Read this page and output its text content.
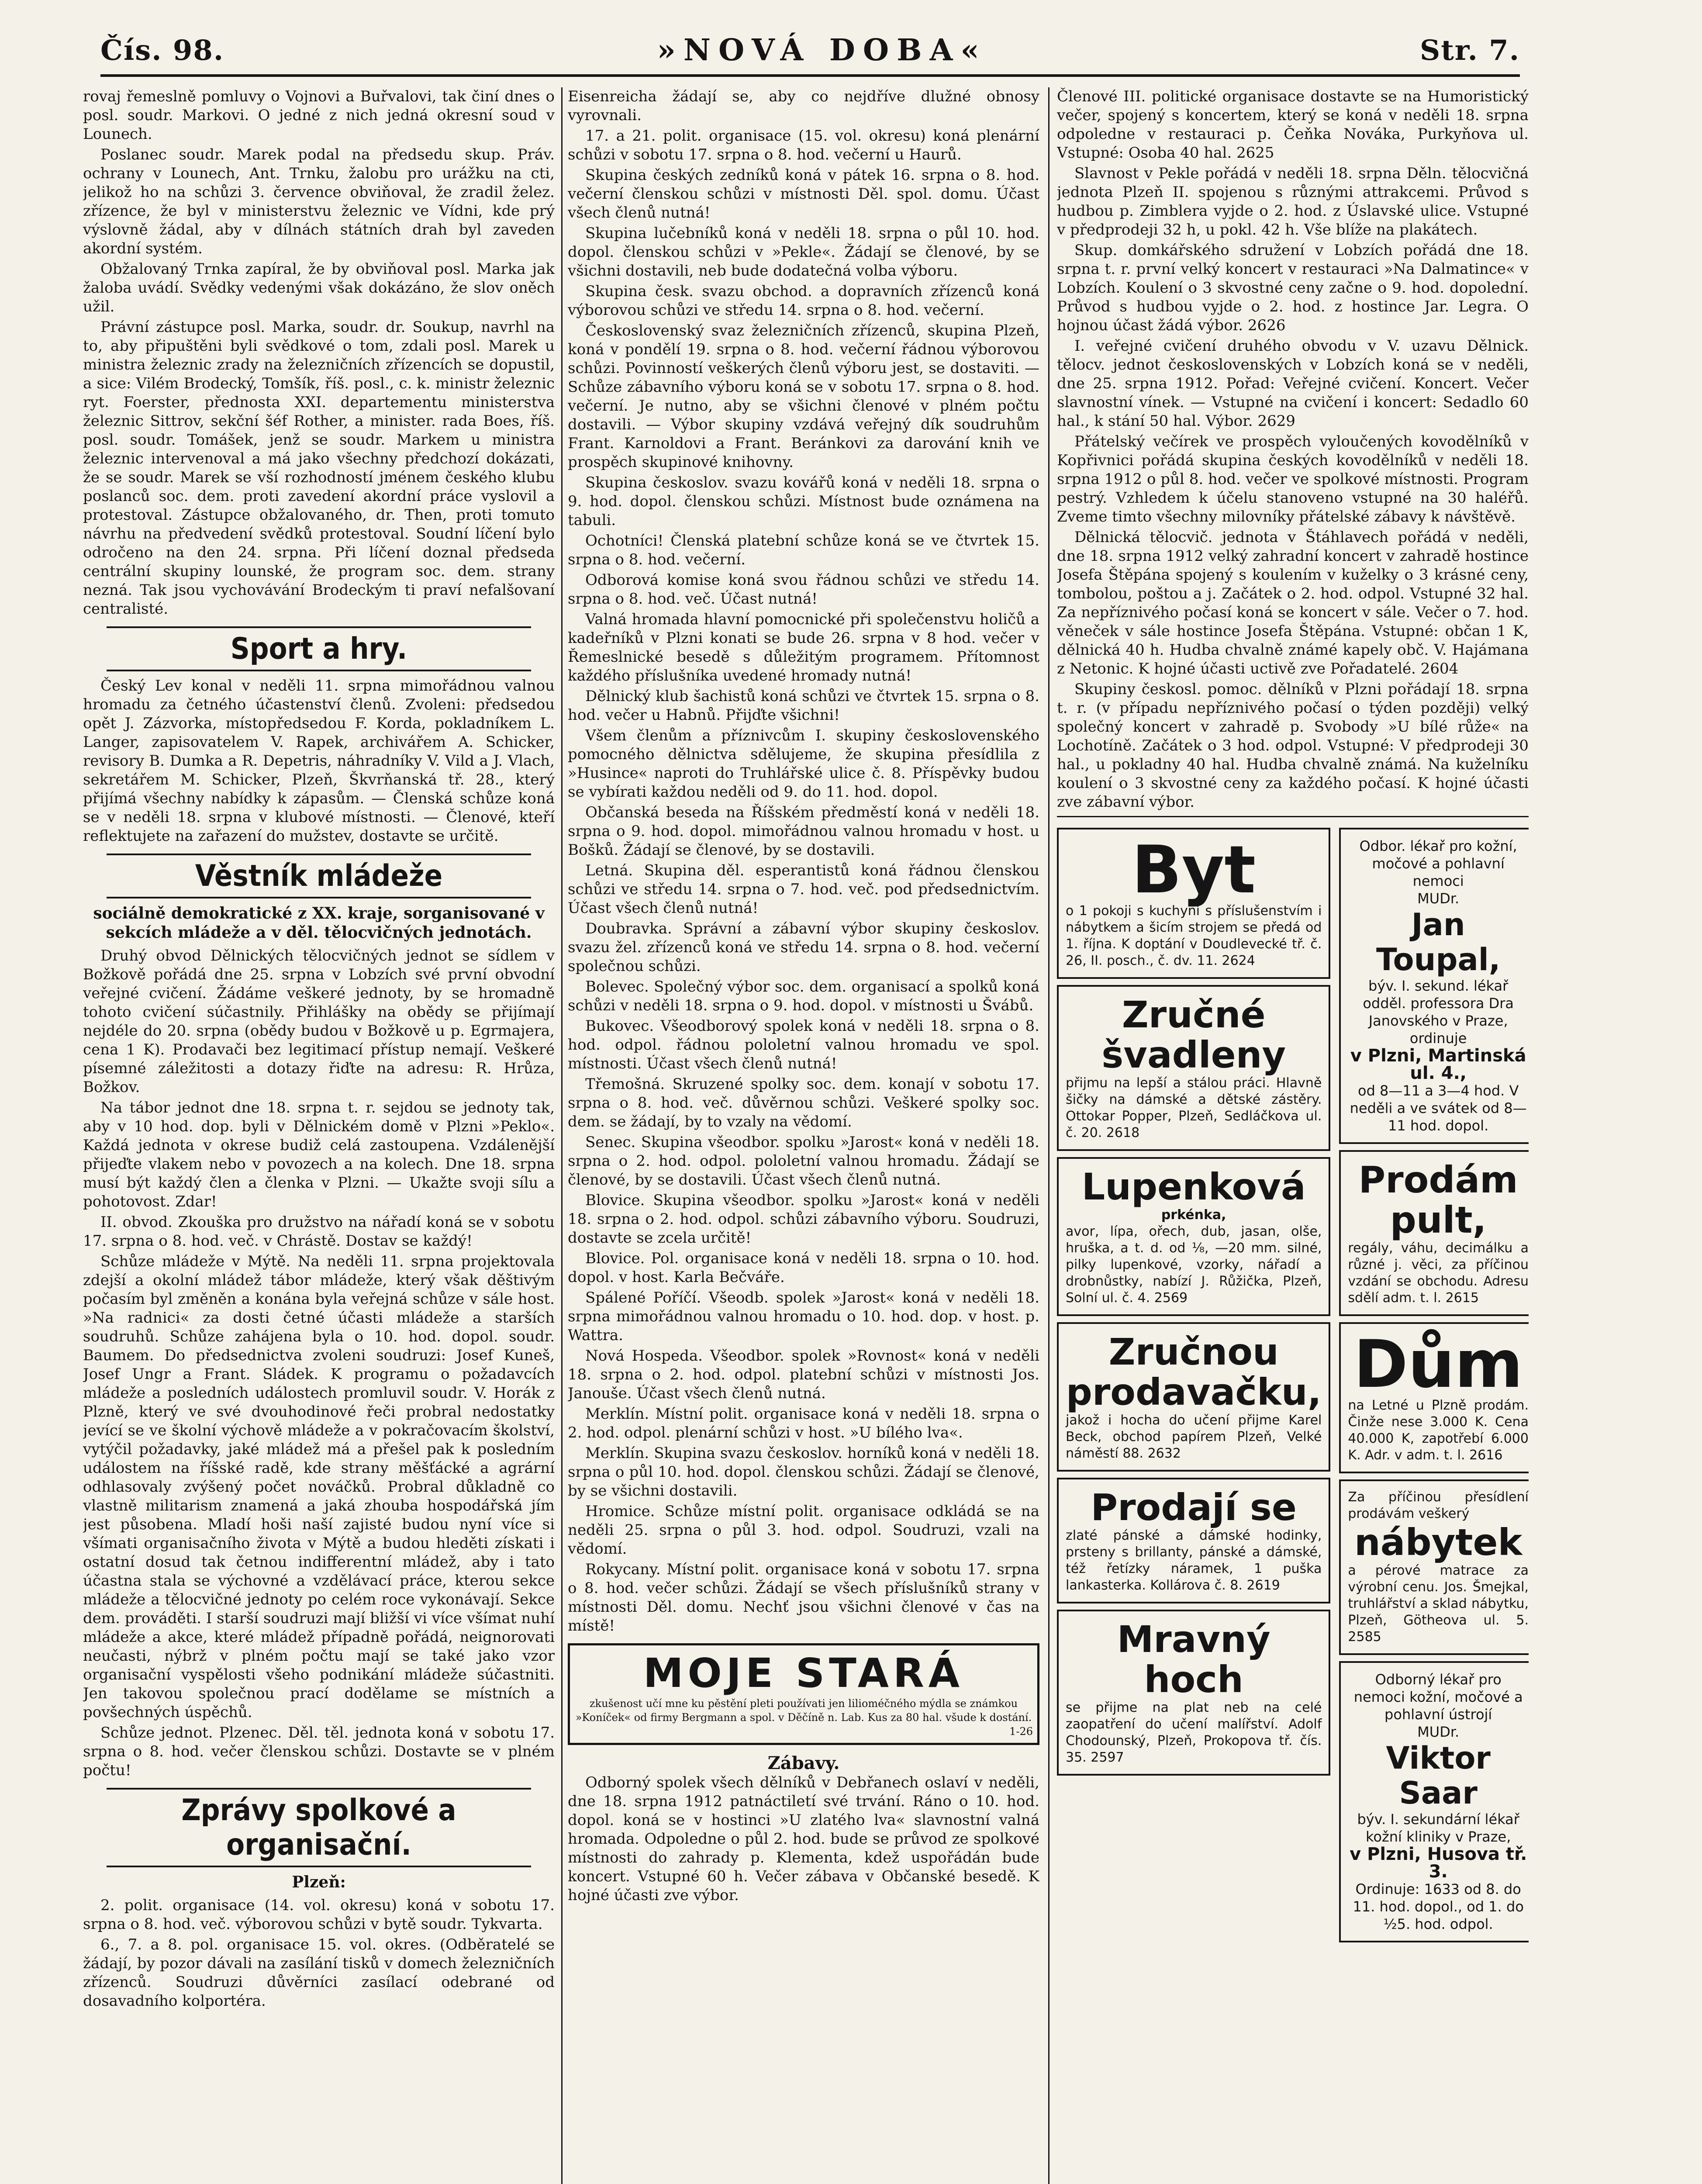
Čís. 98.	»NOVÁ DOBA«	Str. 7.

rovaj řemeslně pomluvy o Vojnovi a Buřvalovi, tak činí dnes o posl. soudr. Markovi. O jedné z nich jedná okresní soud v Lounech.

Poslanec soudr. Marek podal na předsedu skup. Práv. ochrany v Lounech, Ant. Trnku, žalobu pro urážku na cti, jelikož ho na schůzi 3. července obviňoval, že zradil želez. zřízence, že byl v ministerstvu železnic ve Vídni, kde prý výslovně žádal, aby v dílnách státních drah byl zaveden akordní systém.

Obžalovaný Trnka zapíral, že by obviňoval posl. Marka jak žaloba uvádí. Svědky vedenými však dokázáno, že slov oněch užil.

Právní zástupce posl. Marka, soudr. dr. Soukup, navrhl na to, aby připuštěni byli svědkové o tom, zdali posl. Marek u ministra železnic zrady na železničních zřízencích se dopustil, a sice: Vilém Brodecký, Tomšík, říš. posl., c. k. ministr železnic ryt. Foerster, přednosta XXI. departementu ministerstva železnic Sittrov, sekční šéf Rother, a minister. rada Boes, říš. posl. soudr. Tomášek, jenž se soudr. Markem u ministra železnic intervenoval a má jako všechny předchozí dokázati, že se soudr. Marek se vší rozhodností jménem českého klubu poslanců soc. dem. proti zavedení akordní práce vyslovil a protestoval. Zástupce obžalovaného, dr. Then, proti tomuto návrhu na předvedení svědků protestoval. Soudní líčení bylo odročeno na den 24. srpna. Při líčení doznal předseda centrální skupiny lounské, že program soc. dem. strany nezná. Tak jsou vychovávání Brodeckým ti praví nefalšovaní centralisté.

Sport a hry.

Český Lev konal v neděli 11. srpna mimořádnou valnou hromadu za četného účastenství členů. Zvoleni: předsedou opět J. Zázvorka, místopředsedou F. Korda, pokladníkem L. Langer, zapisovatelem V. Rapek, archivářem A. Schicker, revisory B. Dumka a R. Depetris, náhradníky V. Vild a J. Vlach, sekretářem M. Schicker, Plzeň, Škvrňanská tř. 28., který přijímá všechny nabídky k zápasům. — Členská schůze koná se v neděli 18. srpna v klubové místnosti. — Členové, kteří reflektujete na zařazení do mužstev, dostavte se určitě.

Věstník mládeže

sociálně demokratické z XX. kraje, sorganisované v sekcích mládeže a v děl. tělocvičných jednotách.

Druhý obvod Dělnických tělocvičných jednot se sídlem v Božkově pořádá dne 25. srpna v Lobzích své první obvodní veřejné cvičení. Žádáme veškeré jednoty, by se hromadně tohoto cvičení súčastnily. Přihlášky na obědy se přijímají nejdéle do 20. srpna (obědy budou v Božkově u p. Egrmajera, cena 1 K). Prodavači bez legitimací přístup nemají. Veškeré písemné záležitosti a dotazy řiďte na adresu: R. Hrůza, Božkov.

Na tábor jednot dne 18. srpna t. r. sejdou se jednoty tak, aby v 10 hod. dop. byli v Dělnickém domě v Plzni »Peklo«. Každá jednota v okrese budiž celá zastoupena. Vzdálenější přijeďte vlakem nebo v povozech a na kolech. Dne 18. srpna musí být každý člen a členka v Plzni. — Ukažte svoji sílu a pohotovost. Zdar!

II. obvod. Zkouška pro družstvo na nářadí koná se v sobotu 17. srpna o 8. hod. več. v Chrástě. Dostav se každý!

Schůze mládeže v Mýtě. Na neděli 11. srpna projektovala zdejší a okolní mládež tábor mládeže, který však děštivým počasím byl změněn a konána byla veřejná schůze v sále host. »Na radnici« za dosti četné účasti mládeže a starších soudruhů. Schůze zahájena byla o 10. hod. dopol. soudr. Baumem. Do předsednictva zvoleni soudruzi: Josef Kuneš, Josef Ungr a Frant. Sládek. K programu o požadavcích mládeže a posledních událostech promluvil soudr. V. Horák z Plzně, který ve své dvouhodinové řeči probral nedostatky jevící se ve školní výchově mládeže a v pokračovacím školství, vytýčil požadavky, jaké mládež má a přešel pak k posledním událostem na říšské radě, kde strany měšťácké a agrární odhlasovaly zvýšený počet nováčků. Probral důkladně co vlastně militarism znamená a jaká zhouba hospodářská jím jest působena. Mladí hoši naší zajisté budou nyní více si všímati organisačního života v Mýtě a budou hleděti získati i ostatní dosud tak četnou indifferentní mládež, aby i tato účastna stala se výchovné a vzdělávací práce, kterou sekce mládeže a tělocvičné jednoty po celém roce vykonávají. Sekce dem. prováděti. I starší soudruzi mají bližší vi více všímat nuhí mládeže a akce, které mládež případně pořádá, neignorovati neučasti, nýbrž v plném počtu mají se také jako vzor organisační vyspělosti všeho podnikání mládeže súčastniti. Jen takovou společnou prací dodělame se místních a povšechných úspěchů.

Schůze jednot. Plzenec. Děl. těl. jednota koná v sobotu 17. srpna o 8. hod. večer členskou schůzi. Dostavte se v plném počtu!

Zprávy spolkové a organisační.

Plzeň:

2. polit. organisace (14. vol. okresu) koná v sobotu 17. srpna o 8. hod. več. výborovou schůzi v bytě soudr. Tykvarta.

6., 7. a 8. pol. organisace 15. vol. okres. (Odběratelé se žádají, by pozor dávali na zasílání tisků v domech železničních zřízenců. Soudruzi důvěrníci zasílací odebrané od dosavadního kolportéra.

Eisenreicha žádají se, aby co nejdříve dlužné obnosy vyrovnali.

17. a 21. polit. organisace (15. vol. okresu) koná plenární schůzi v sobotu 17. srpna o 8. hod. večerní u Haurů.

Skupina českých zedníků koná v pátek 16. srpna o 8. hod. večerní členskou schůzi v místnosti Děl. spol. domu. Účast všech členů nutná!

Skupina lučebníků koná v neděli 18. srpna o půl 10. hod. dopol. členskou schůzi v »Pekle«. Žádají se členové, by se všichni dostavili, neb bude dodatečná volba výboru.

Skupina česk. svazu obchod. a dopravních zřízenců koná výborovou schůzi ve středu 14. srpna o 8. hod. večerní.

Československý svaz železničních zřízenců, skupina Plzeň, koná v pondělí 19. srpna o 8. hod. večerní řádnou výborovou schůzi. Povinností veškerých členů výboru jest, se dostaviti. — Schůze zábavního výboru koná se v sobotu 17. srpna o 8. hod. večerní. Je nutno, aby se všichni členové v plném počtu dostavili. — Výbor skupiny vzdává veřejný dík soudruhům Frant. Karnoldovi a Frant. Beránkovi za darování knih ve prospěch skupinové knihovny.

Skupina českoslov. svazu kovářů koná v neděli 18. srpna o 9. hod. dopol. členskou schůzi. Místnost bude oznámena na tabuli.

Ochotníci! Členská platební schůze koná se ve čtvrtek 15. srpna o 8. hod. večerní.

Odborová komise koná svou řádnou schůzi ve středu 14. srpna o 8. hod. več. Účast nutná!

Valná hromada hlavní pomocnické při společenstvu holičů a kadeřníků v Plzni konati se bude 26. srpna v 8 hod. večer v Řemeslnické besedě s důležitým programem. Přítomnost každého příslušníka uvedené hromady nutná!

Dělnický klub šachistů koná schůzi ve čtvrtek 15. srpna o 8. hod. večer u Habnů. Přijďte všichni!

Všem členům a příznivcům I. skupiny československého pomocného dělnictva sdělujeme, že skupina přesídlila z »Husince« naproti do Truhlářské ulice č. 8. Příspěvky budou se vybírati každou neděli od 9. do 11. hod. dopol.

Občanská beseda na Říšském předměstí koná v neděli 18. srpna o 9. hod. dopol. mimořádnou valnou hromadu v host. u Bošků. Žádají se členové, by se dostavili.

Letná. Skupina děl. esperantistů koná řádnou členskou schůzi ve středu 14. srpna o 7. hod. več. pod předsednictvím. Účast všech členů nutná!

Doubravka. Správní a zábavní výbor skupiny českoslov. svazu žel. zřízenců koná ve středu 14. srpna o 8. hod. večerní společnou schůzi.

Bolevec. Společný výbor soc. dem. organisací a spolků koná schůzi v neděli 18. srpna o 9. hod. dopol. v místnosti u Švábů.

Bukovec. Všeodborový spolek koná v neděli 18. srpna o 8. hod. odpol. řádnou pololetní valnou hromadu ve spol. místnosti. Účast všech členů nutná!

Třemošná. Skruzené spolky soc. dem. konají v sobotu 17. srpna o 8. hod. več. důvěrnou schůzi. Veškeré spolky soc. dem. se žádají, by to vzaly na vědomí.

Senec. Skupina všeodbor. spolku »Jarost« koná v neděli 18. srpna o 2. hod. odpol. pololetní valnou hromadu. Žádají se členové, by se dostavili. Účast všech členů nutná.

Blovice. Skupina všeodbor. spolku »Jarost« koná v neděli 18. srpna o 2. hod. odpol. schůzi zábavního výboru. Soudruzi, dostavte se zcela určitě!

Blovice. Pol. organisace koná v neděli 18. srpna o 10. hod. dopol. v host. Karla Bečváře.

Spálené Poříčí. Všeodb. spolek »Jarost« koná v neděli 18. srpna mimořádnou valnou hromadu o 10. hod. dop. v host. p. Wattra.

Nová Hospeda. Všeodbor. spolek »Rovnost« koná v neděli 18. srpna o 2. hod. odpol. platební schůzi v místnosti Jos. Janouše. Účast všech členů nutná.

Merklín. Místní polit. organisace koná v neděli 18. srpna o 2. hod. odpol. plenární schůzi v host. »U bílého lva«.

Merklín. Skupina svazu českoslov. horníků koná v neděli 18. srpna o půl 10. hod. dopol. členskou schůzi. Žádají se členové, by se všichni dostavili.

Hromice. Schůze místní polit. organisace odkládá se na neděli 25. srpna o půl 3. hod. odpol. Soudruzi, vzali na vědomí.

Rokycany. Místní polit. organisace koná v sobotu 17. srpna o 8. hod. večer schůzi. Žádají se všech příslušníků strany v místnosti Děl. domu. Nechť jsou všichni členové v čas na místě!

MOJE STARÁ
zkušenost učí mne ku pěstění pleti používati jen lilioméčného mýdla se známkou »Koníček« od firmy Bergmann a spol. v Děčíně n. Lab. Kus za 80 hal. všude k dostání.
1-26
Zábavy.

Odborný spolek všech dělníků v Debřanech oslaví v neděli, dne 18. srpna 1912 patnáctiletí své trvání. Ráno o 10. hod. dopol. koná se v hostinci »U zlatého lva« slavnostní valná hromada. Odpoledne o půl 2. hod. bude se průvod ze spolkové místnosti do zahrady p. Klementa, kdež uspořádán bude koncert. Vstupné 60 h. Večer zábava v Občanské besedě. K hojné účasti zve výbor.

Členové III. politické organisace dostavte se na Humoristický večer, spojený s koncertem, který se koná v neděli 18. srpna odpoledne v restauraci p. Čeňka Nováka, Purkyňova ul. Vstupné: Osoba 40 hal. 2625

Slavnost v Pekle pořádá v neděli 18. srpna Děln. tělocvičná jednota Plzeň II. spojenou s různými attrakcemi. Průvod s hudbou p. Zimblera vyjde o 2. hod. z Úslavské ulice. Vstupné v předprodeji 32 h, u pokl. 42 h. Vše blíže na plakátech.

Skup. domkářského sdružení v Lobzích pořádá dne 18. srpna t. r. první velký koncert v restauraci »Na Dalmatince« v Lobzích. Koulení o 3 skvostné ceny začne o 9. hod. dopolední. Průvod s hudbou vyjde o 2. hod. z hostince Jar. Legra. O hojnou účast žádá výbor. 2626

I. veřejné cvičení druhého obvodu v V. uzavu Dělnick. tělocv. jednot československých v Lobzích koná se v neděli, dne 25. srpna 1912. Pořad: Veřejné cvičení. Koncert. Večer slavnostní vínek. — Vstupné na cvičení i koncert: Sedadlo 60 hal., k stání 50 hal. Výbor. 2629

Přátelský večírek ve prospěch vyloučených kovodělníků v Kopřivnici pořádá skupina českých kovodělníků v neděli 18. srpna 1912 o půl 8. hod. večer ve spolkové místnosti. Program pestrý. Vzhledem k účelu stanoveno vstupné na 30 haléřů. Zveme timto všechny milovníky přátelské zábavy k návštěvě.

Dělnická tělocvič. jednota v Štáhlavech pořádá v neděli, dne 18. srpna 1912 velký zahradní koncert v zahradě hostince Josefa Štěpána spojený s koulením v kuželky o 3 krásné ceny, tombolou, poštou a j. Začátek o 2. hod. odpol. Vstupné 32 hal. Za nepříznivého počasí koná se koncert v sále. Večer o 7. hod. věneček v sále hostince Josefa Štěpána. Vstupné: občan 1 K, dělnická 40 h. Hudba chvalně známé kapely obč. V. Hajámana z Netonic. K hojné účasti uctivě zve Pořadatelé. 2604

Skupiny českosl. pomoc. dělníků v Plzni pořádají 18. srpna t. r. (v případu nepříznivého počasí o týden později) velký společný koncert v zahradě p. Svobody »U bílé růže« na Lochotíně. Začátek o 3 hod. odpol. Vstupné: V předprodeji 30 hal., u pokladny 40 hal. Hudba chvalně známá. Na kuželníku koulení o 3 skvostné ceny za každého počasí. K hojné účasti zve zábavní výbor.

Byt
o 1 pokoji s kuchyní s příslušenstvím i nábytkem a šicím strojem se předá od 1. října. K doptání v Doudlevecké tř. č. 26, II. posch., č. dv. 11. 2624
Zručné švadleny
přijmu na lepší a stálou práci. Hlavně šičky na dámské a dětské zástěry. Ottokar Popper, Plzeň, Sedláčkova ul. č. 20. 2618
Lupenková
prkénka,
avor, lípa, ořech, dub, jasan, olše, hruška, a t. d. od ⅛, —20 mm. silné, pilky lupenkové, vzorky, nářadí a drobnůstky, nabízí J. Růžička, Plzeň, Solní ul. č. 4. 2569
Zručnou prodavačku,
jakož i hocha do učení přijme Karel Beck, obchod papírem Plzeň, Velké náměstí 88. 2632
Prodají se
zlaté pánské a dámské hodinky, prsteny s brillanty, pánské a dámské, též řetízky náramek, 1 puška lankasterka. Kollárova č. 8. 2619
Mravný hoch
se přijme na plat neb na celé zaopatření do učení malířství. Adolf Chodounský, Plzeň, Prokopova tř. čís. 35. 2597
Odbor. lékař pro kožní, močové a pohlavní nemoci
MUDr.
Jan Toupal,
býv. I. sekund. lékař odděl. professora Dra Janovského v Praze, ordinuje
v Plzni, Martinská ul. 4.,
od 8—11 a 3—4 hod. V neděli a ve svátek od 8—11 hod. dopol.
Prodám pult,
regály, váhu, decimálku a různé j. věci, za příčinou vzdání se obchodu. Adresu sdělí adm. t. l. 2615
Dům
na Letné u Plzně prodám. Činže nese 3.000 K. Cena 40.000 K, zapotřebí 6.000 K. Adr. v adm. t. l. 2616
Za příčinou přesídlení prodávám veškerý
nábytek
a pérové matrace za výrobní cenu. Jos. Šmejkal, truhlářství a sklad nábytku, Plzeň, Götheova ul. 5. 2585
Odborný lékař pro nemoci kožní, močové a pohlavní ústrojí
MUDr.
Viktor Saar
býv. I. sekundární lékař kožní kliniky v Praze,
v Plzni, Husova tř. 3.
Ordinuje: 1633 od 8. do 11. hod. dopol., od 1. do ½5. hod. odpol.
